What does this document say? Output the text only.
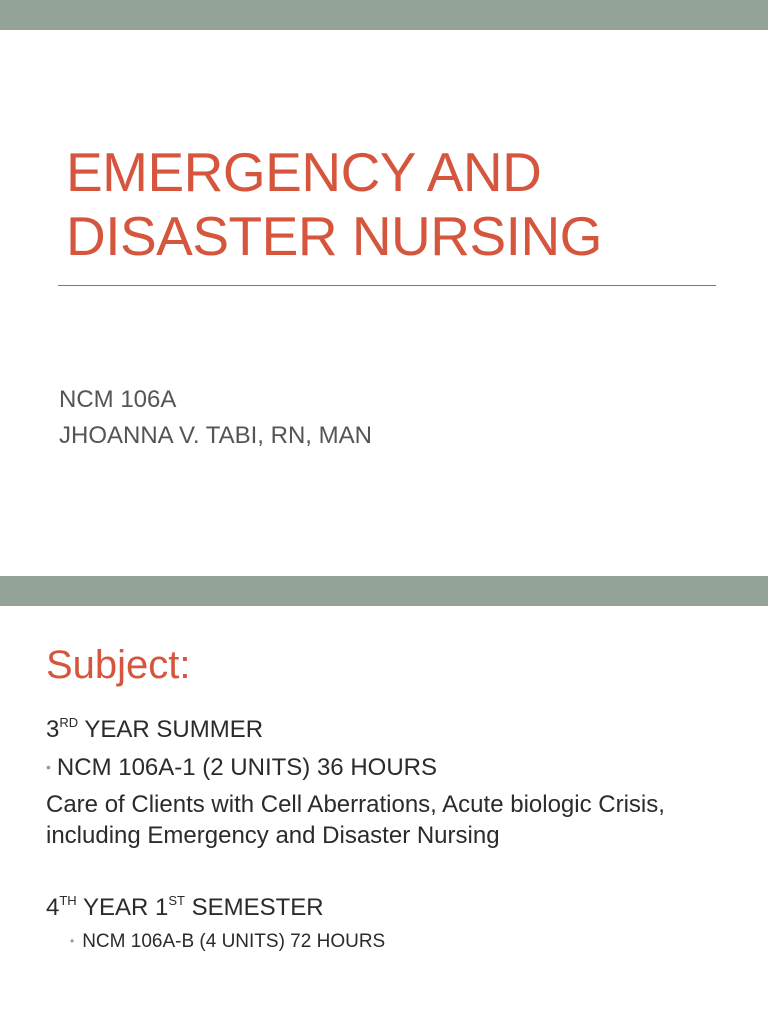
EMERGENCY AND
DISASTER NURSING
NCM 106A
JHOANNA V. TABI, RN, MAN
Subject:
3RD YEAR SUMMER
• NCM 106A-1 (2 UNITS) 36 HOURS
Care of Clients with Cell Aberrations, Acute biologic Crisis,
including Emergency and Disaster Nursing
4TH YEAR 1ST SEMESTER
• NCM 106A-B (4 UNITS) 72 HOURS
